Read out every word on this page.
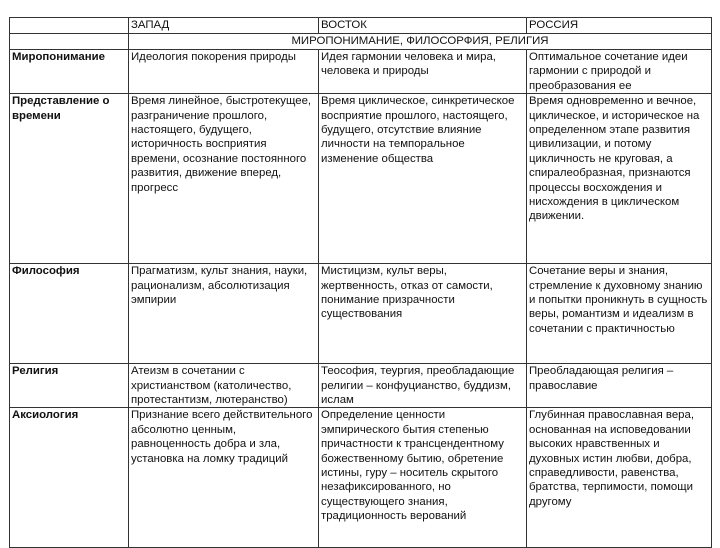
	ЗАПАД	ВОСТОК	РОССИЯ
	МИРОПОНИМАНИЕ, ФИЛОСОРФИЯ, РЕЛИГИЯ		
Миропонимание	Идеология покорения природы	Идея гармонии человека и мира, человека и природы	Оптимальное сочетание идеи гармонии с природой и преобразования ее
Представление о времени	Время линейное, быстротекущее, разграничение прошлого, настоящего, будущего, историчность восприятия времени, осознание постоянного развития, движение вперед, прогресс	Время циклическое, синкретическое восприятие прошлого, настоящего, будущего, отсутствие влияние личности на темпоральное изменение общества	Время одновременно и вечное, циклическое, и историческое на определенном этапе развития цивилизации, и потому цикличность не круговая, а спиралеобразная, признаются процессы восхождения и нисхождения в циклическом движении.
Философия	Прагматизм, культ знания, науки, рационализм, абсолютизация эмпирии	Мистицизм, культ веры, жертвенность, отказ от самости, понимание призрачности существования	Сочетание веры и знания, стремление к духовному знанию и попытки проникнуть в сущность веры, романтизм и идеализм в сочетании с практичностью
Религия	Атеизм в сочетании с христианством (католичество, протестантизм, лютеранство)	Теософия, теургия, преобладающие религии – конфуцианство, буддизм, ислам	Преобладающая религия – православие
Аксиология	Признание всего действительного абсолютно ценным, равноценность добра и зла, установка на ломку традиций	Определение ценности эмпирического бытия степенью причастности к трансцендентному божественному бытию, обретение истины, гуру – носитель скрытого незафиксированного, но существующего знания, традиционность верований	Глубинная православная вера, основанная на исповедовании высоких нравственных и духовных истин любви, добра, справедливости, равенства, братства, терпимости, помощи другому
